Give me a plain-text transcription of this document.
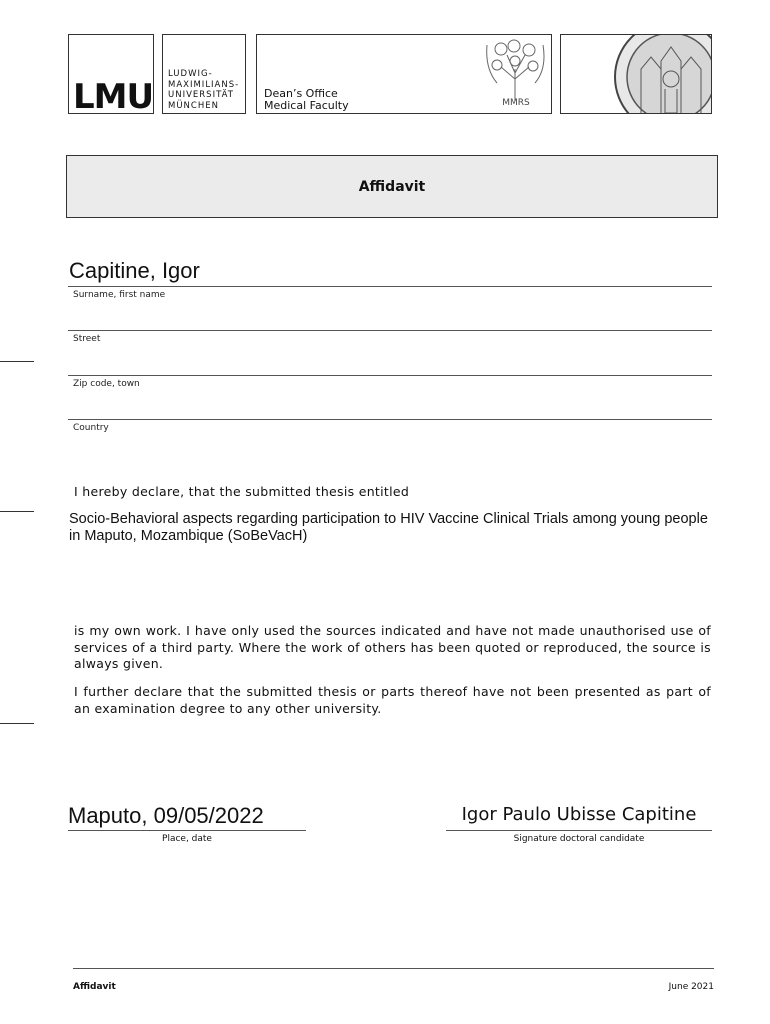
LMU
LUDWIG-
MAXIMILIANS-
UNIVERSITÄT
MÜNCHEN
Dean’s Office
Medical Faculty	MMRS
Affidavit
Capitine, Igor
Surname, first name
Street
Zip code, town
Country
I hereby declare, that the submitted thesis entitled
Socio-Behavioral aspects regarding participation to HIV Vaccine Clinical Trials among young people in Maputo, Mozambique (SoBeVacH)
is my own work. I have only used the sources indicated and have not made unauthorised use of services of a third party. Where the work of others has been quoted or reproduced, the source is always given.
I further declare that the submitted thesis or parts thereof have not been presented as part of an examination degree to any other university.
Maputo, 09/05/2022
Place, date
Igor Paulo Ubisse Capitine
Signature doctoral candidate
Affidavit	June 2021
